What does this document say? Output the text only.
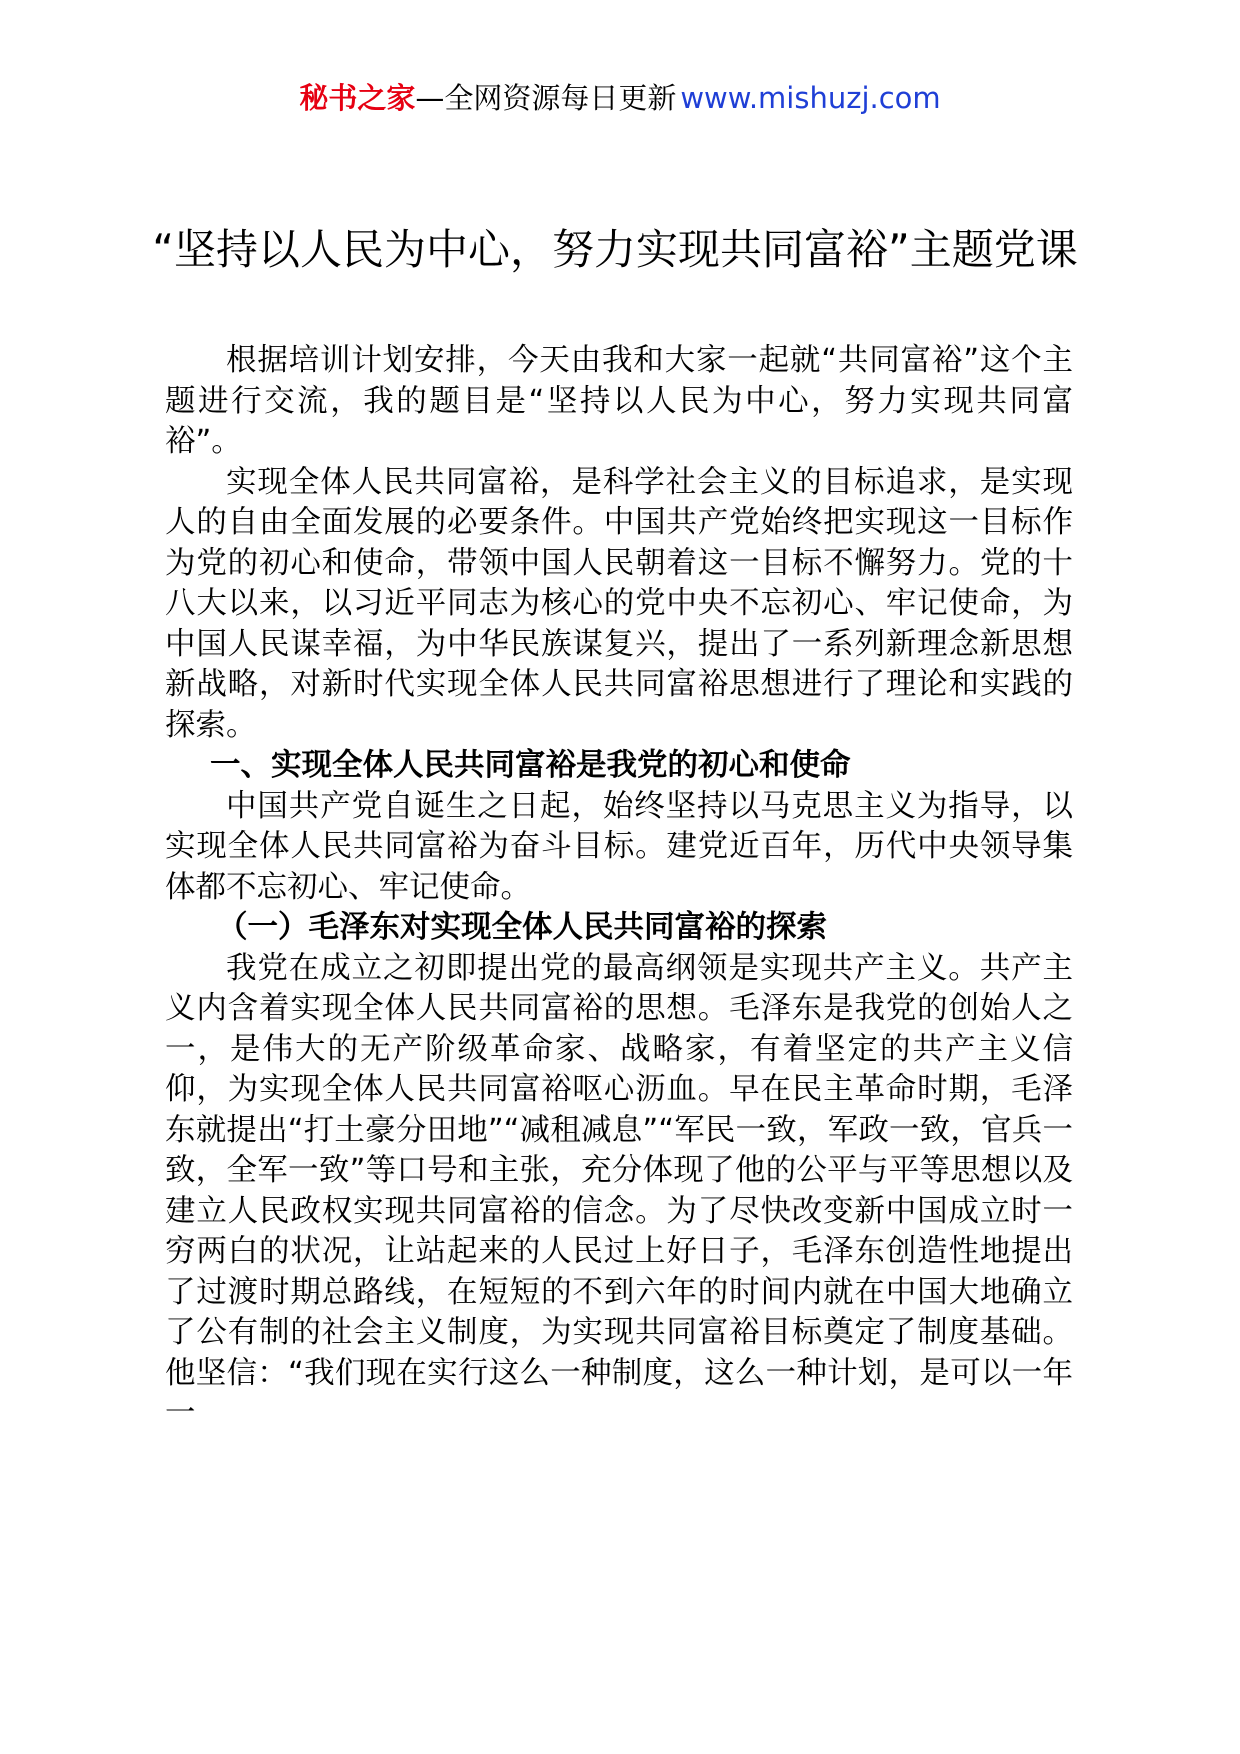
秘书之家—全网资源每日更新 www.mishuzj.com
“坚持以人民为中心，努力实现共同富裕”主题党课

根据培训计划安排，今天由我和大家一起就“共同富裕”这个主题进行交流，我的题目是“坚持以人民为中心，努力实现共同富裕”。

实现全体人民共同富裕，是科学社会主义的目标追求，是实现人的自由全面发展的必要条件。中国共产党始终把实现这一目标作为党的初心和使命，带领中国人民朝着这一目标不懈努力。党的十八大以来，以习近平同志为核心的党中央不忘初心、牢记使命，为中国人民谋幸福，为中华民族谋复兴，提出了一系列新理念新思想新战略，对新时代实现全体人民共同富裕思想进行了理论和实践的探索。

一、实现全体人民共同富裕是我党的初心和使命

中国共产党自诞生之日起，始终坚持以马克思主义为指导，以实现全体人民共同富裕为奋斗目标。建党近百年，历代中央领导集体都不忘初心、牢记使命。

（一）毛泽东对实现全体人民共同富裕的探索

我党在成立之初即提出党的最高纲领是实现共产主义。共产主义内含着实现全体人民共同富裕的思想。毛泽东是我党的创始人之一，是伟大的无产阶级革命家、战略家，有着坚定的共产主义信仰，为实现全体人民共同富裕呕心沥血。早在民主革命时期，毛泽东就提出“打土豪分田地”“减租减息”“军民一致，军政一致，官兵一致，全军一致”等口号和主张，充分体现了他的公平与平等思想以及建立人民政权实现共同富裕的信念。为了尽快改变新中国成立时一穷两白的状况，让站起来的人民过上好日子，毛泽东创造性地提出了过渡时期总路线，在短短的不到六年的时间内就在中国大地确立了公有制的社会主义制度，为实现共同富裕目标奠定了制度基础。他坚信：“我们现在实行这么一种制度，这么一种计划，是可以一年一
